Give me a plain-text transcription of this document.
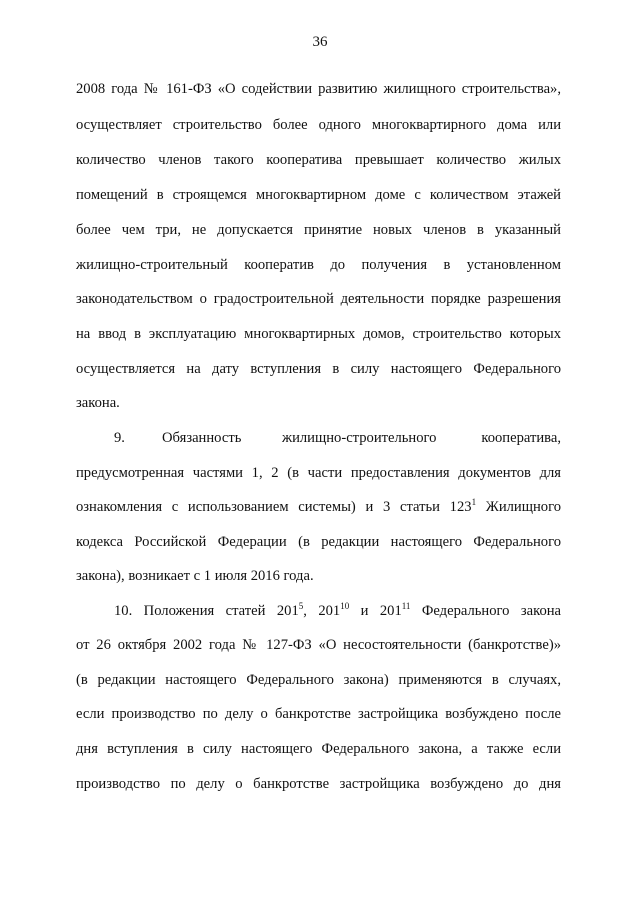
36
2008 года № 161-ФЗ «О содействии развитию жилищного строительства»,
осуществляет строительство более одного многоквартирного дома или
количество членов такого кооператива превышает количество жилых
помещений в строящемся многоквартирном доме с количеством этажей
более чем три, не допускается принятие новых членов в указанный
жилищно-строительный кооператив до получения в установленном
законодательством о градостроительной деятельности порядке разрешения
на ввод в эксплуатацию многоквартирных домов, строительство которых
осуществляется на дату вступления в силу настоящего Федерального
закона.
9.	Обязанность	жилищно-строительного	кооператива,
предусмотренная частями 1, 2 (в части предоставления документов для
ознакомления с использованием системы) и 3 статьи $123^1$ Жилищного
кодекса Российской Федерации (в редакции настоящего Федерального
закона), возникает с 1 июля 2016 года.
10. Положения статей $201^5$, $201^{10}$ и $201^{11}$ Федерального закона
от 26 октября 2002 года № 127-ФЗ «О несостоятельности (банкротстве)»
(в редакции настоящего Федерального закона) применяются в случаях,
если производство по делу о банкротстве застройщика возбуждено после
дня вступления в силу настоящего Федерального закона, а также если
производство по делу о банкротстве застройщика возбуждено до дня
